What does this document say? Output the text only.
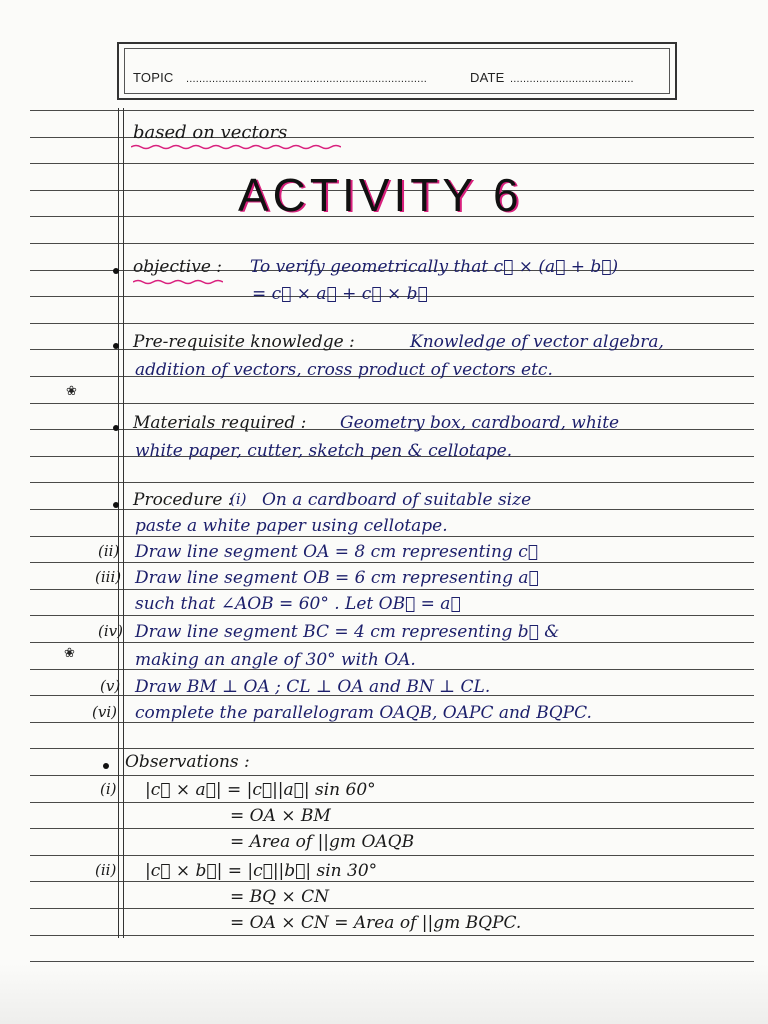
TOPIC ..........................................................................	DATE ......................................
based on vectors
ACTIVITY 6
objective : To verify geometrically that c⃗ × (a⃗ + b⃗)
= c⃗ × a⃗ + c⃗ × b⃗
Pre-requisite knowledge :	Knowledge of vector algebra,
addition of vectors, cross product of vectors etc.
❀
Materials required : Geometry box, cardboard, white
white paper, cutter, sketch pen & cellotape.
Procedure :
(i) On a cardboard of suitable size
paste a white paper using cellotape.
(ii) Draw line segment OA = 8 cm representing c⃗
(iii) Draw line segment OB = 6 cm representing a⃗
such that ∠AOB = 60° . Let OB⃗ = a⃗
(iv) Draw line segment BC = 4 cm representing b⃗ &
❀	making an angle of 30° with OA.
(v) Draw BM ⊥ OA ; CL ⊥ OA and BN ⊥ CL.
(vi) complete the parallelogram OAQB, OAPC and BQPC.
Observations :
(i) |c⃗ × a⃗| = |c⃗||a⃗| sin 60°
= OA × BM
= Area of ||gm OAQB
(ii) |c⃗ × b⃗| = |c⃗||b⃗| sin 30°
= BQ × CN
= OA × CN = Area of ||gm BQPC.
